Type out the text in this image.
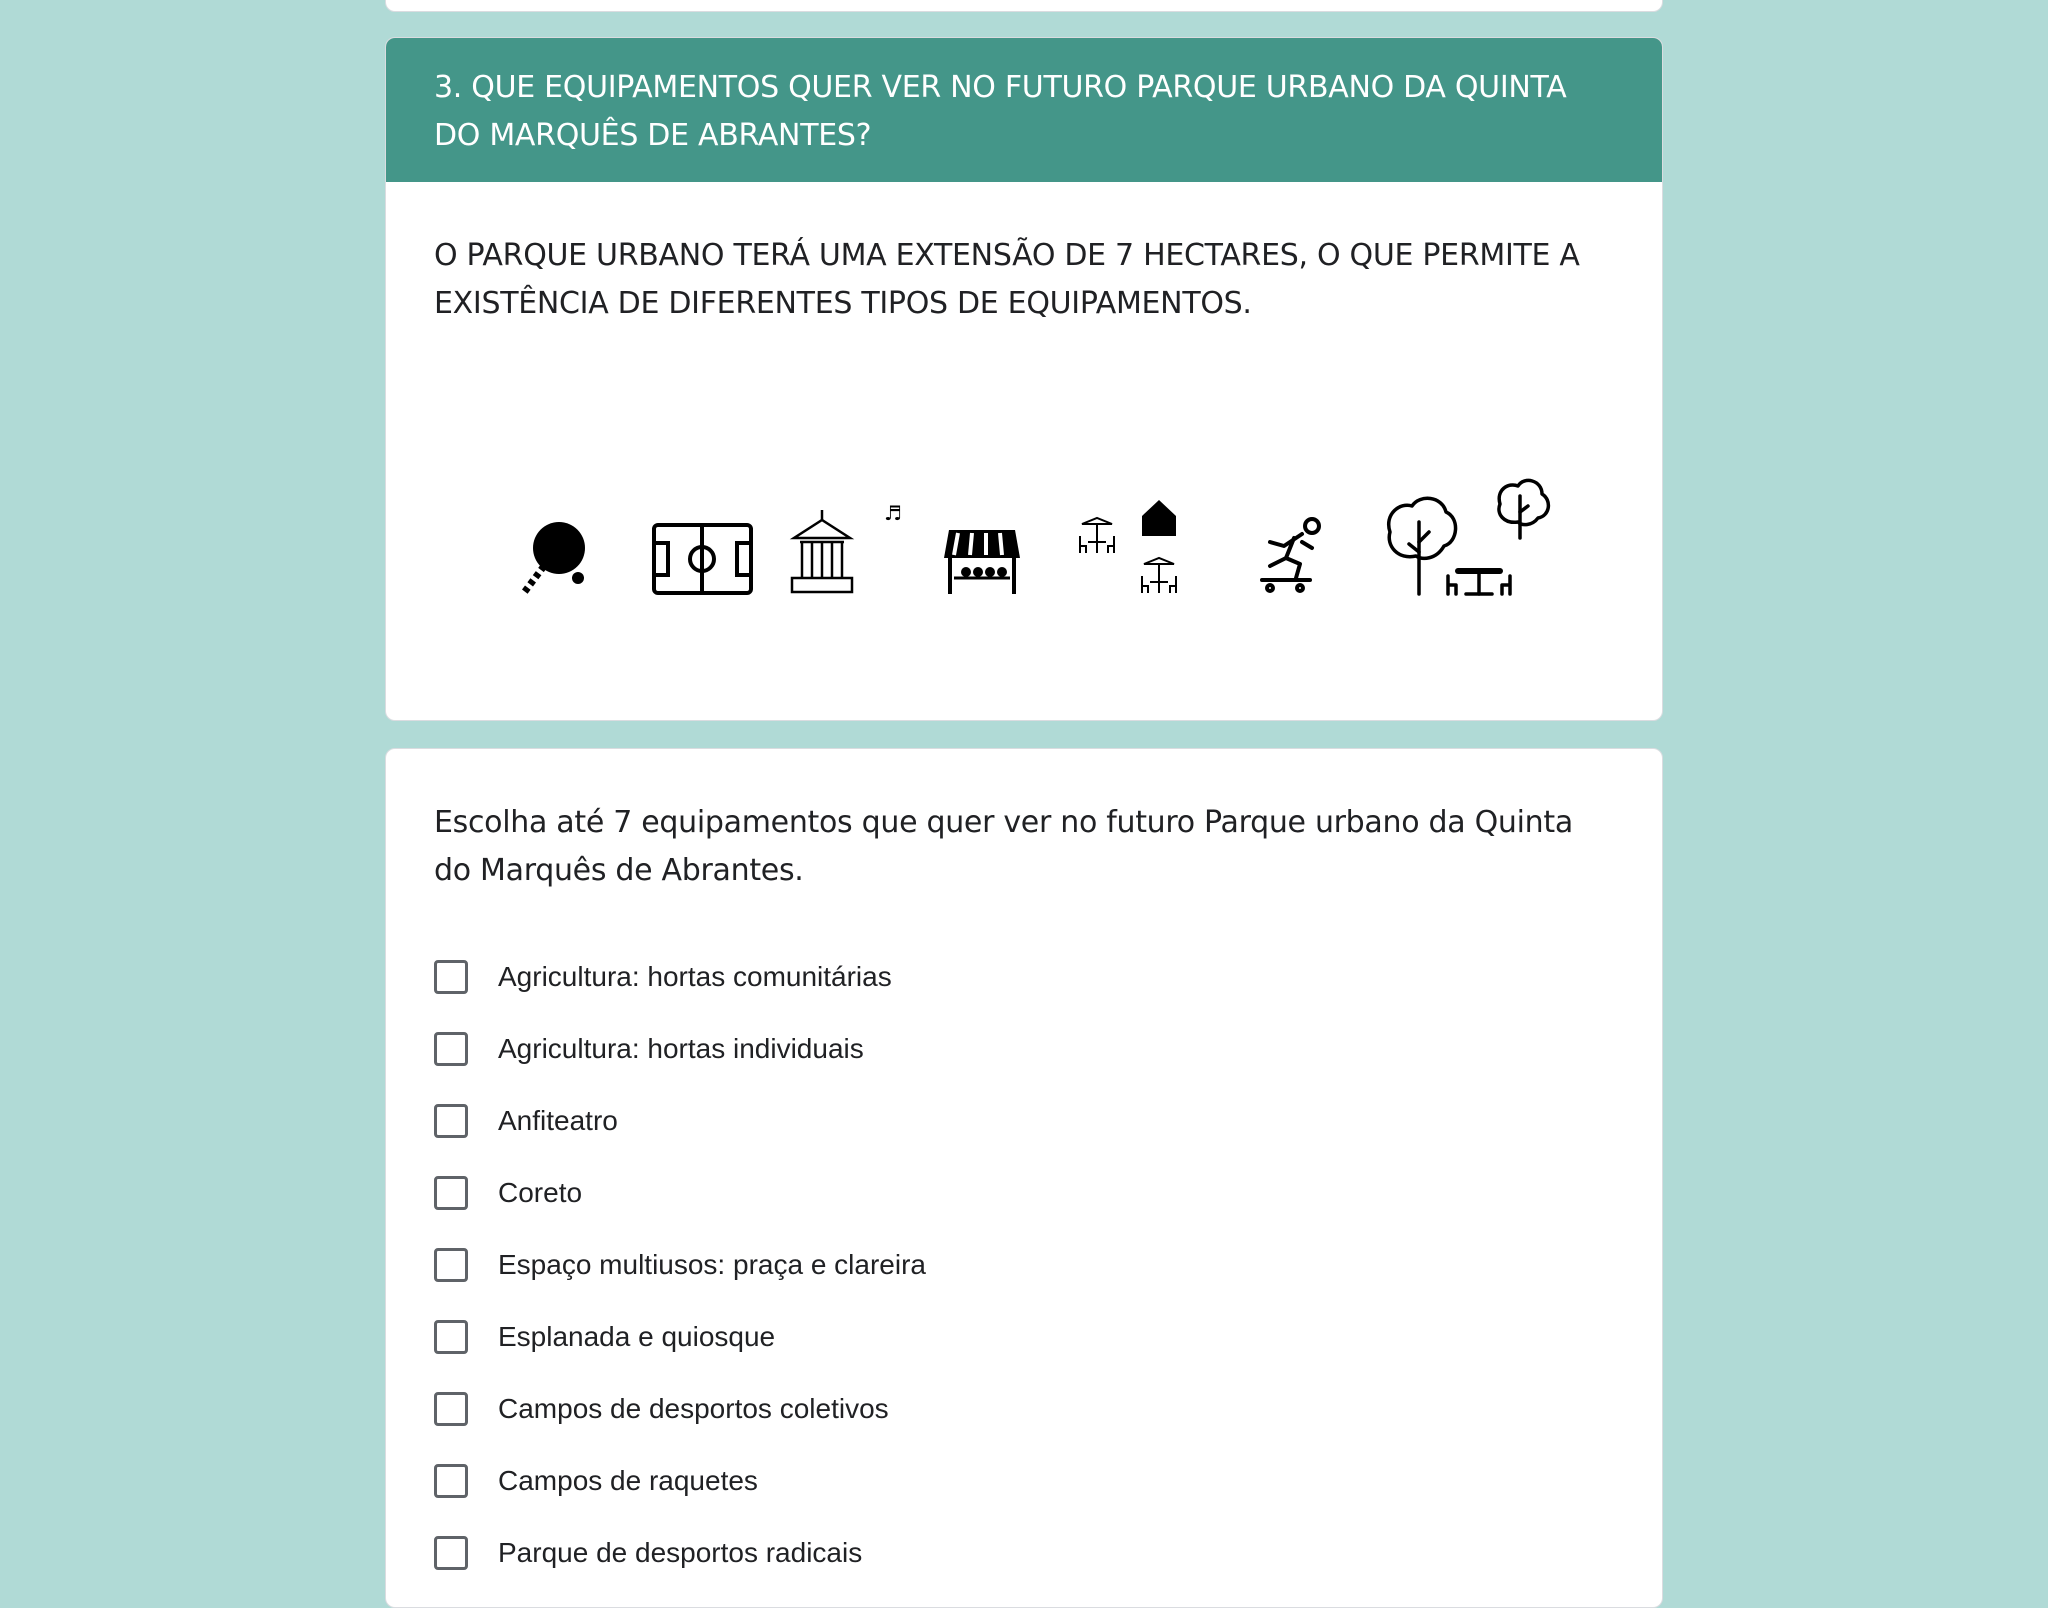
3. QUE EQUIPAMENTOS QUER VER NO FUTURO PARQUE URBANO DA QUINTA DO MARQUÊS DE ABRANTES?
O PARQUE URBANO TERÁ UMA EXTENSÃO DE 7 HECTARES, O QUE PERMITE A EXISTÊNCIA DE DIFERENTES TIPOS DE EQUIPAMENTOS.
♬
Escolha até 7 equipamentos que quer ver no futuro Parque urbano da Quinta do Marquês de Abrantes.
Agricultura: hortas comunitárias
Agricultura: hortas individuais
Anfiteatro
Coreto
Espaço multiusos: praça e clareira
Esplanada e quiosque
Campos de desportos coletivos
Campos de raquetes
Parque de desportos radicais
